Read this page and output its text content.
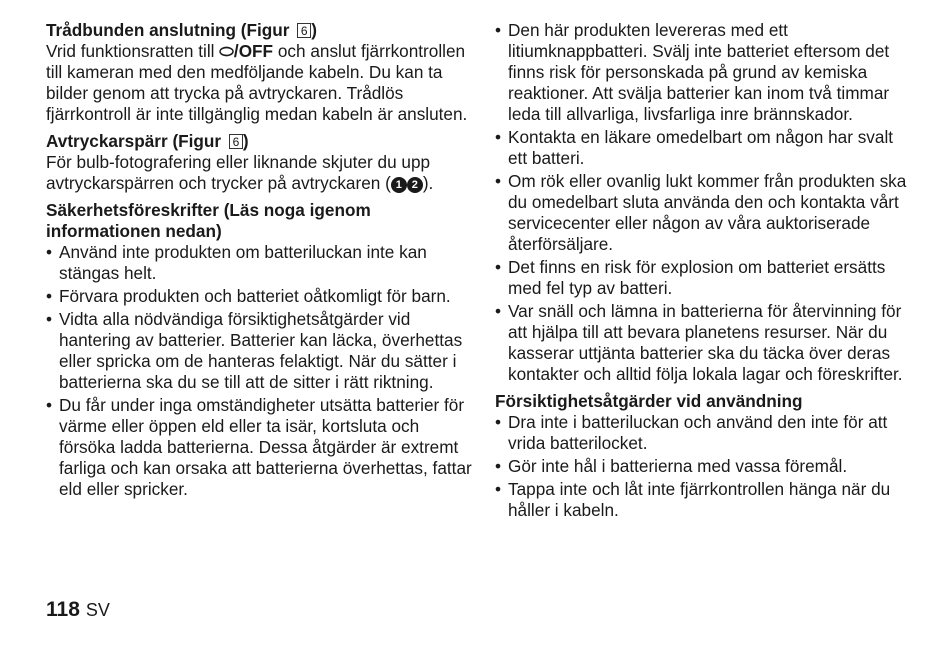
Trådbunden anslutning (Figur 6 )

Vrid funktionsratten till ⬭/OFF och anslut fjärrkontrollen till kameran med den medföljande kabeln. Du kan ta bilder genom att trycka på avtryckaren. Trådlös fjärrkontroll är inte tillgänglig medan kabeln är ansluten.

Avtryckarspärr (Figur 6 )

För bulb-fotografering eller liknande skjuter du upp avtryckarspärren och trycker på avtryckaren ( 1 2 ).

Säkerhetsföreskrifter (Läs noga igenom informationen nedan)

• Använd inte produkten om batteriluckan inte kan stängas helt.
• Förvara produkten och batteriet oåtkomligt för barn.
• Vidta alla nödvändiga försiktighetsåtgärder vid hantering av batterier. Batterier kan läcka, överhettas eller spricka om de hanteras felaktigt. När du sätter i batterierna ska du se till att de sitter i rätt riktning.
• Du får under inga omständigheter utsätta batterier för värme eller öppen eld eller ta isär, kortsluta och försöka ladda batterierna. Dessa åtgärder är extremt farliga och kan orsaka att batterierna överhettas, fattar eld eller spricker.
• Den här produkten levereras med ett litiumknappbatteri. Svälj inte batteriet eftersom det finns risk för personskada på grund av kemiska reaktioner. Att svälja batterier kan inom två timmar leda till allvarliga, livsfarliga inre brännskador.
• Kontakta en läkare omedelbart om någon har svalt ett batteri.
• Om rök eller ovanlig lukt kommer från produkten ska du omedelbart sluta använda den och kontakta vårt servicecenter eller någon av våra auktoriserade återförsäljare.
• Det finns en risk för explosion om batteriet ersätts med fel typ av batteri.
• Var snäll och lämna in batterierna för återvinning för att hjälpa till att bevara planetens resurser. När du kasserar uttjänta batterier ska du täcka över deras kontakter och alltid följa lokala lagar och föreskrifter.

Försiktighetsåtgärder vid användning

• Dra inte i batteriluckan och använd den inte för att vrida batterilocket.
• Gör inte hål i batterierna med vassa föremål.
• Tappa inte och låt inte fjärrkontrollen hänga när du håller i kabeln.
118 SV
